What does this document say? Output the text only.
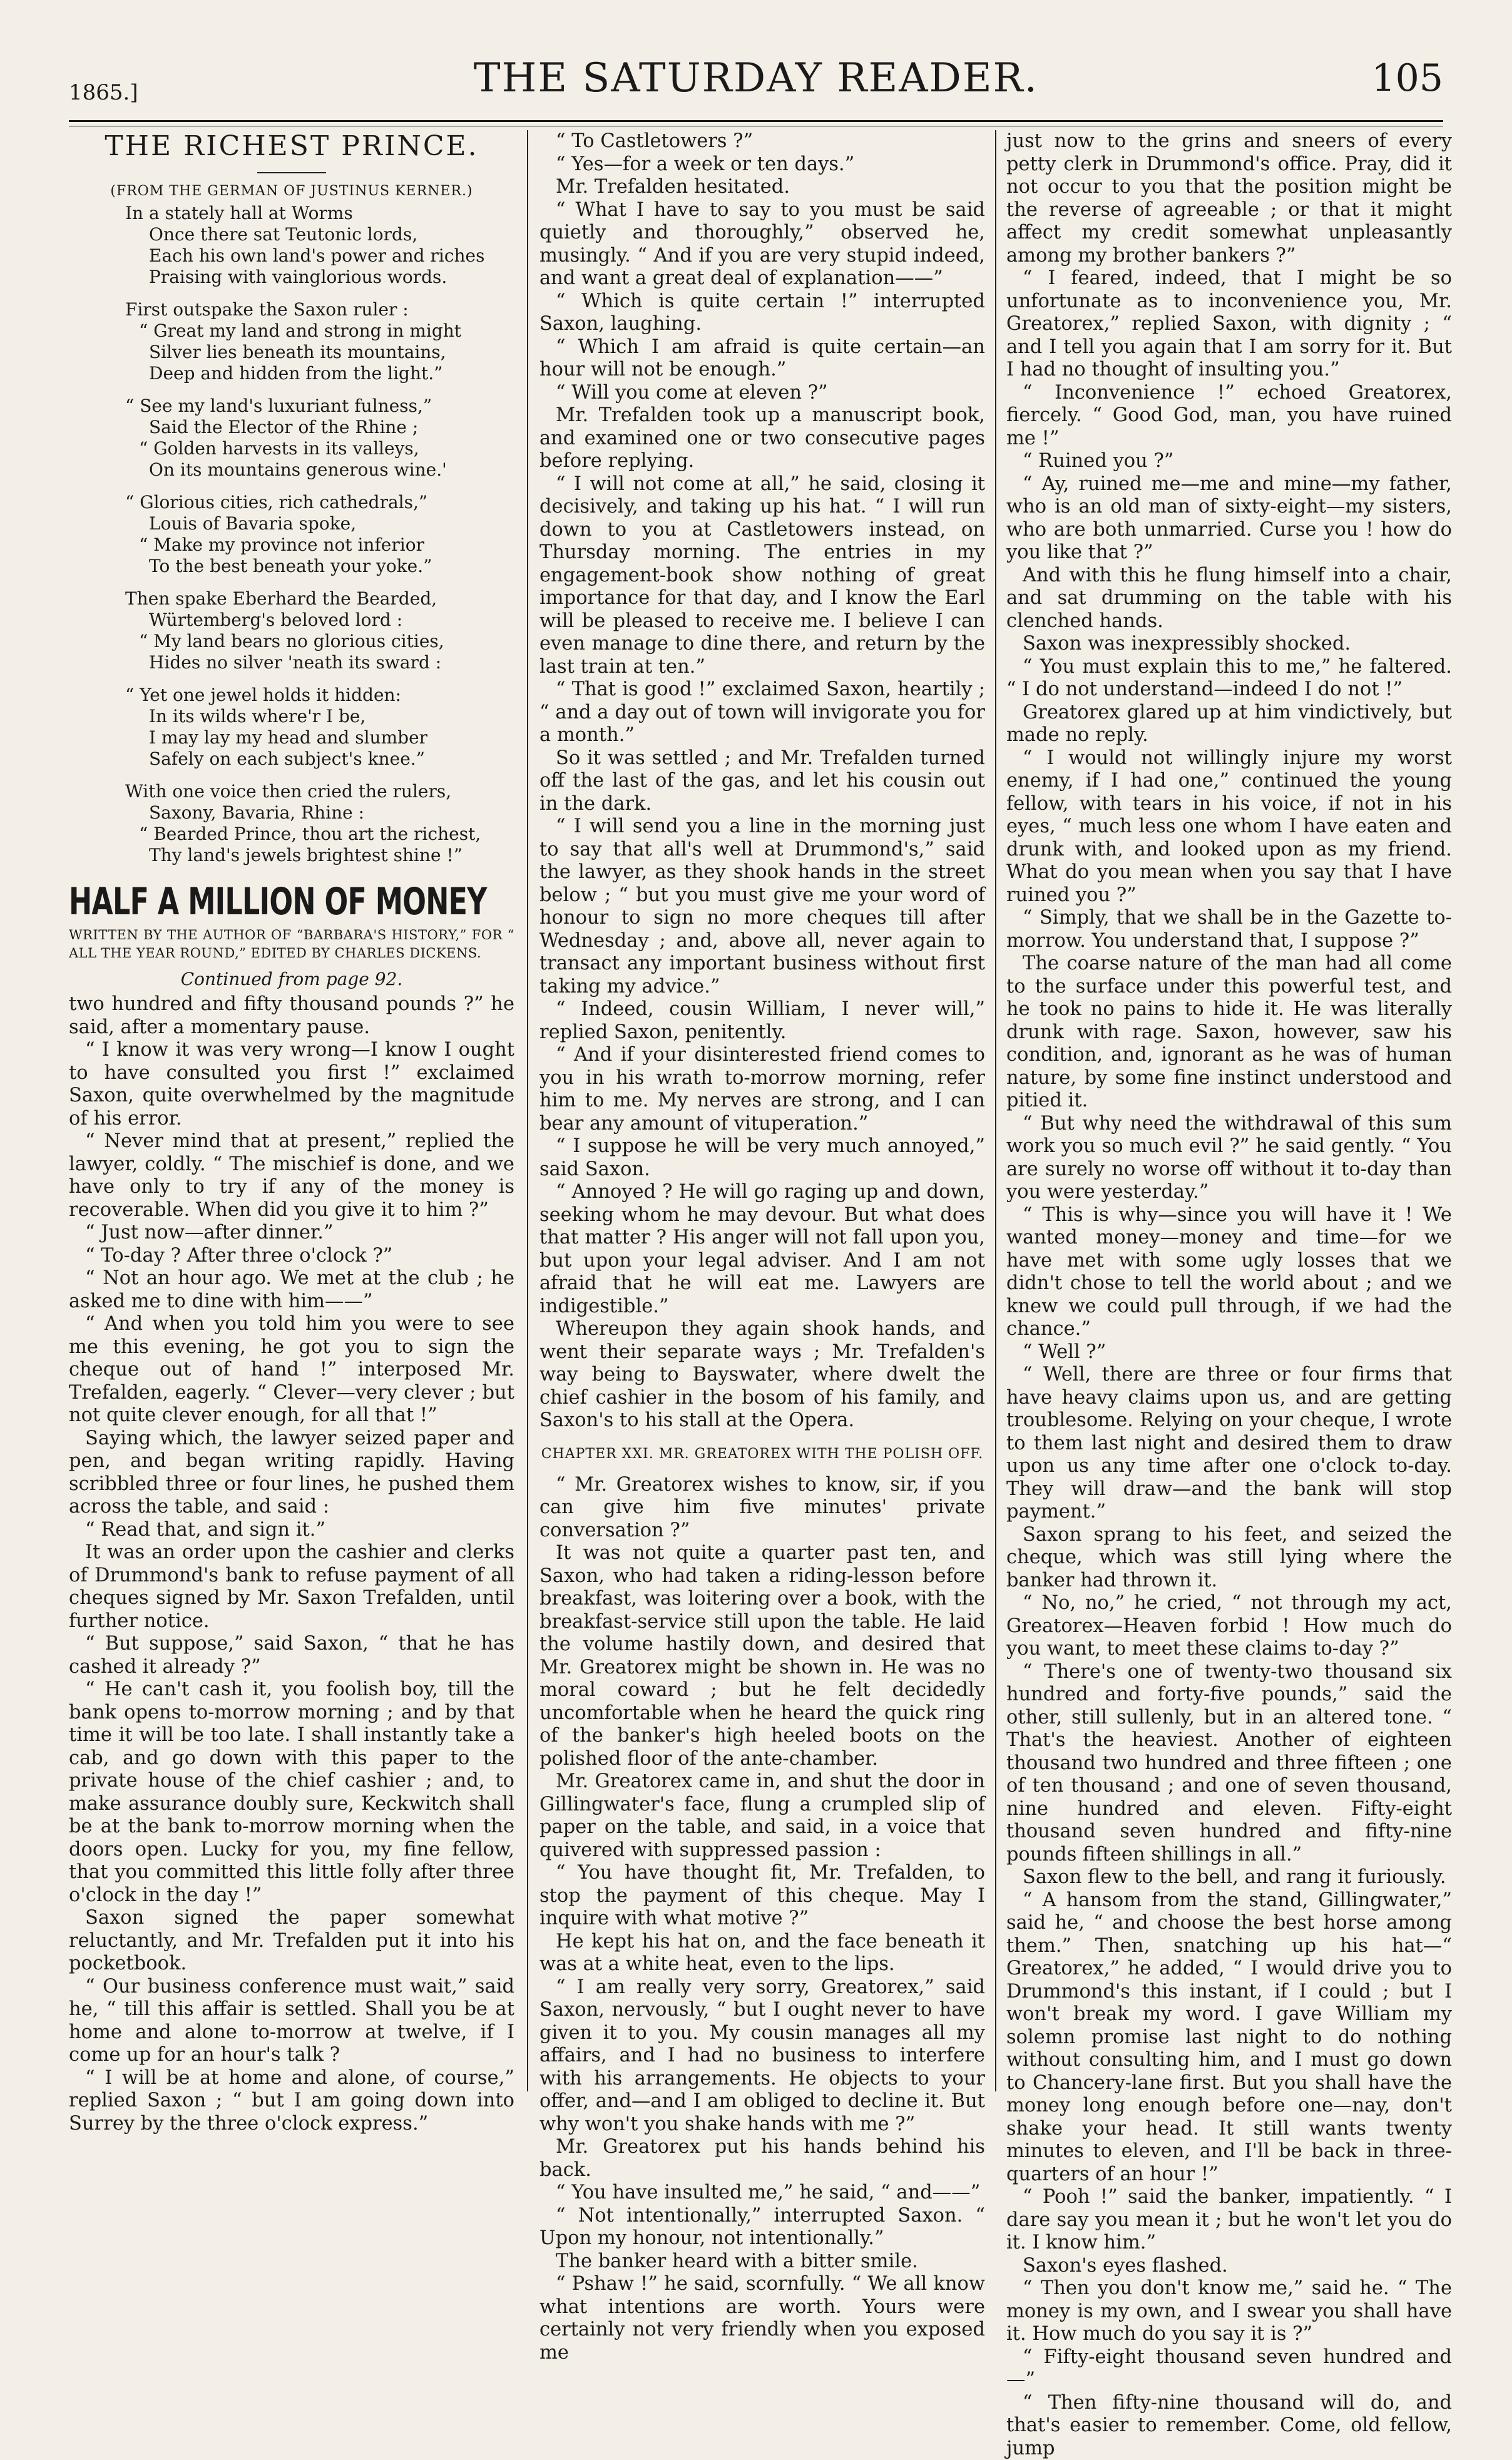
1865.]	THE SATURDAY READER.	105
THE RICHEST PRINCE.
(FROM THE GERMAN OF JUSTINUS KERNER.)
In a stately hall at Worms
Once there sat Teutonic lords,
Each his own land's power and riches
Praising with vainglorious words.
First outspake the Saxon ruler :
“ Great my land and strong in might
Silver lies beneath its mountains,
Deep and hidden from the light.”
“ See my land's luxuriant fulness,”
Said the Elector of the Rhine ;
“ Golden harvests in its valleys,
On its mountains generous wine.'
“ Glorious cities, rich cathedrals,”
Louis of Bavaria spoke,
“ Make my province not inferior
To the best beneath your yoke.”
Then spake Eberhard the Bearded,
Würtemberg's beloved lord :
“ My land bears no glorious cities,
Hides no silver 'neath its sward :
“ Yet one jewel holds it hidden:
In its wilds where'r I be,
I may lay my head and slumber
Safely on each subject's knee.”
With one voice then cried the rulers,
Saxony, Bavaria, Rhine :
“ Bearded Prince, thou art the richest,
Thy land's jewels brightest shine !”
HALF A MILLION OF MONEY
WRITTEN BY THE AUTHOR OF “BARBARA'S HISTORY,” FOR “ ALL THE YEAR ROUND,” EDITED BY CHARLES DICKENS.
Continued from page 92.

two hundred and fifty thousand pounds ?” he said, after a momentary pause.

“ I know it was very wrong—I know I ought to have consulted you first !” exclaimed Saxon, quite overwhelmed by the magnitude of his error.

“ Never mind that at present,” replied the lawyer, coldly. “ The mischief is done, and we have only to try if any of the money is recoverable. When did you give it to him ?”

“ Just now—after dinner.”

“ To-day ? After three o'clock ?”

“ Not an hour ago. We met at the club ; he asked me to dine with him——”

“ And when you told him you were to see me this evening, he got you to sign the cheque out of hand !” interposed Mr. Trefalden, eagerly. “ Clever—very clever ; but not quite clever enough, for all that !”

Saying which, the lawyer seized paper and pen, and began writing rapidly. Having scribbled three or four lines, he pushed them across the table, and said :

“ Read that, and sign it.”

It was an order upon the cashier and clerks of Drummond's bank to refuse payment of all cheques signed by Mr. Saxon Trefalden, until further notice.

“ But suppose,” said Saxon, “ that he has cashed it already ?”

“ He can't cash it, you foolish boy, till the bank opens to-morrow morning ; and by that time it will be too late. I shall instantly take a cab, and go down with this paper to the private house of the chief cashier ; and, to make assurance doubly sure, Keckwitch shall be at the bank to-morrow morning when the doors open. Lucky for you, my fine fellow, that you committed this little folly after three o'clock in the day !”

Saxon signed the paper somewhat reluctantly, and Mr. Trefalden put it into his pocketbook.

“ Our business conference must wait,” said he, “ till this affair is settled. Shall you be at home and alone to-morrow at twelve, if I come up for an hour's talk ?

“ I will be at home and alone, of course,” replied Saxon ; “ but I am going down into Surrey by the three o'clock express.”

“ To Castletowers ?”

“ Yes—for a week or ten days.”

Mr. Trefalden hesitated.

“ What I have to say to you must be said quietly and thoroughly,” observed he, musingly. “ And if you are very stupid indeed, and want a great deal of explanation——”

“ Which is quite certain !” interrupted Saxon, laughing.

“ Which I am afraid is quite certain—an hour will not be enough.”

“ Will you come at eleven ?”

Mr. Trefalden took up a manuscript book, and examined one or two consecutive pages before replying.

“ I will not come at all,” he said, closing it decisively, and taking up his hat. “ I will run down to you at Castletowers instead, on Thursday morning. The entries in my engagement-book show nothing of great importance for that day, and I know the Earl will be pleased to receive me. I believe I can even manage to dine there, and return by the last train at ten.”

“ That is good !” exclaimed Saxon, heartily ; “ and a day out of town will invigorate you for a month.”

So it was settled ; and Mr. Trefalden turned off the last of the gas, and let his cousin out in the dark.

“ I will send you a line in the morning just to say that all's well at Drummond's,” said the lawyer, as they shook hands in the street below ; “ but you must give me your word of honour to sign no more cheques till after Wednesday ; and, above all, never again to transact any important business without first taking my advice.”

“ Indeed, cousin William, I never will,” replied Saxon, penitently.

“ And if your disinterested friend comes to you in his wrath to-morrow morning, refer him to me. My nerves are strong, and I can bear any amount of vituperation.”

“ I suppose he will be very much annoyed,” said Saxon.

“ Annoyed ? He will go raging up and down, seeking whom he may devour. But what does that matter ? His anger will not fall upon you, but upon your legal adviser. And I am not afraid that he will eat me. Lawyers are indigestible.”

Whereupon they again shook hands, and went their separate ways ; Mr. Trefalden's way being to Bayswater, where dwelt the chief cashier in the bosom of his family, and Saxon's to his stall at the Opera.

CHAPTER XXI. MR. GREATOREX WITH THE POLISH OFF.

“ Mr. Greatorex wishes to know, sir, if you can give him five minutes' private conversation ?”

It was not quite a quarter past ten, and Saxon, who had taken a riding-lesson before breakfast, was loitering over a book, with the breakfast-service still upon the table. He laid the volume hastily down, and desired that Mr. Greatorex might be shown in. He was no moral coward ; but he felt decidedly uncomfortable when he heard the quick ring of the banker's high heeled boots on the polished floor of the ante-chamber.

Mr. Greatorex came in, and shut the door in Gillingwater's face, flung a crumpled slip of paper on the table, and said, in a voice that quivered with suppressed passion :

“ You have thought fit, Mr. Trefalden, to stop the payment of this cheque. May I inquire with what motive ?”

He kept his hat on, and the face beneath it was at a white heat, even to the lips.

“ I am really very sorry, Greatorex,” said Saxon, nervously, “ but I ought never to have given it to you. My cousin manages all my affairs, and I had no business to interfere with his arrangements. He objects to your offer, and—and I am obliged to decline it. But why won't you shake hands with me ?”

Mr. Greatorex put his hands behind his back.

“ You have insulted me,” he said, “ and——”

“ Not intentionally,” interrupted Saxon. “ Upon my honour, not intentionally.”

The banker heard with a bitter smile.

“ Pshaw !” he said, scornfully. “ We all know what intentions are worth. Yours were certainly not very friendly when you exposed me

just now to the grins and sneers of every petty clerk in Drummond's office. Pray, did it not occur to you that the position might be the reverse of agreeable ; or that it might affect my credit somewhat unpleasantly among my brother bankers ?”

“ I feared, indeed, that I might be so unfortunate as to inconvenience you, Mr. Greatorex,” replied Saxon, with dignity ; “ and I tell you again that I am sorry for it. But I had no thought of insulting you.”

“ Inconvenience !” echoed Greatorex, fiercely. “ Good God, man, you have ruined me !”

“ Ruined you ?”

“ Ay, ruined me—me and mine—my father, who is an old man of sixty-eight—my sisters, who are both unmarried. Curse you ! how do you like that ?”

And with this he flung himself into a chair, and sat drumming on the table with his clenched hands.

Saxon was inexpressibly shocked.

“ You must explain this to me,” he faltered. “ I do not understand—indeed I do not !”

Greatorex glared up at him vindictively, but made no reply.

“ I would not willingly injure my worst enemy, if I had one,” continued the young fellow, with tears in his voice, if not in his eyes, “ much less one whom I have eaten and drunk with, and looked upon as my friend. What do you mean when you say that I have ruined you ?”

“ Simply, that we shall be in the Gazette to-morrow. You understand that, I suppose ?”

The coarse nature of the man had all come to the surface under this powerful test, and he took no pains to hide it. He was literally drunk with rage. Saxon, however, saw his condition, and, ignorant as he was of human nature, by some fine instinct understood and pitied it.

“ But why need the withdrawal of this sum work you so much evil ?” he said gently. “ You are surely no worse off without it to-day than you were yesterday.”

“ This is why—since you will have it ! We wanted money—money and time—for we have met with some ugly losses that we didn't chose to tell the world about ; and we knew we could pull through, if we had the chance.”

“ Well ?”

“ Well, there are three or four firms that have heavy claims upon us, and are getting troublesome. Relying on your cheque, I wrote to them last night and desired them to draw upon us any time after one o'clock to-day. They will draw—and the bank will stop payment.”

Saxon sprang to his feet, and seized the cheque, which was still lying where the banker had thrown it.

“ No, no,” he cried, “ not through my act, Greatorex—Heaven forbid ! How much do you want, to meet these claims to-day ?”

“ There's one of twenty-two thousand six hundred and forty-five pounds,” said the other, still sullenly, but in an altered tone. “ That's the heaviest. Another of eighteen thousand two hundred and three fifteen ; one of ten thousand ; and one of seven thousand, nine hundred and eleven. Fifty-eight thousand seven hundred and fifty-nine pounds fifteen shillings in all.”

Saxon flew to the bell, and rang it furiously.

“ A hansom from the stand, Gillingwater,” said he, “ and choose the best horse among them.” Then, snatching up his hat—“ Greatorex,” he added, “ I would drive you to Drummond's this instant, if I could ; but I won't break my word. I gave William my solemn promise last night to do nothing without consulting him, and I must go down to Chancery-lane first. But you shall have the money long enough before one—nay, don't shake your head. It still wants twenty minutes to eleven, and I'll be back in three-quarters of an hour !”

“ Pooh !” said the banker, impatiently. “ I dare say you mean it ; but he won't let you do it. I know him.”

Saxon's eyes flashed.

“ Then you don't know me,” said he. “ The money is my own, and I swear you shall have it. How much do you say it is ?”

“ Fifty-eight thousand seven hundred and—”

“ Then fifty-nine thousand will do, and that's easier to remember. Come, old fellow, jump
